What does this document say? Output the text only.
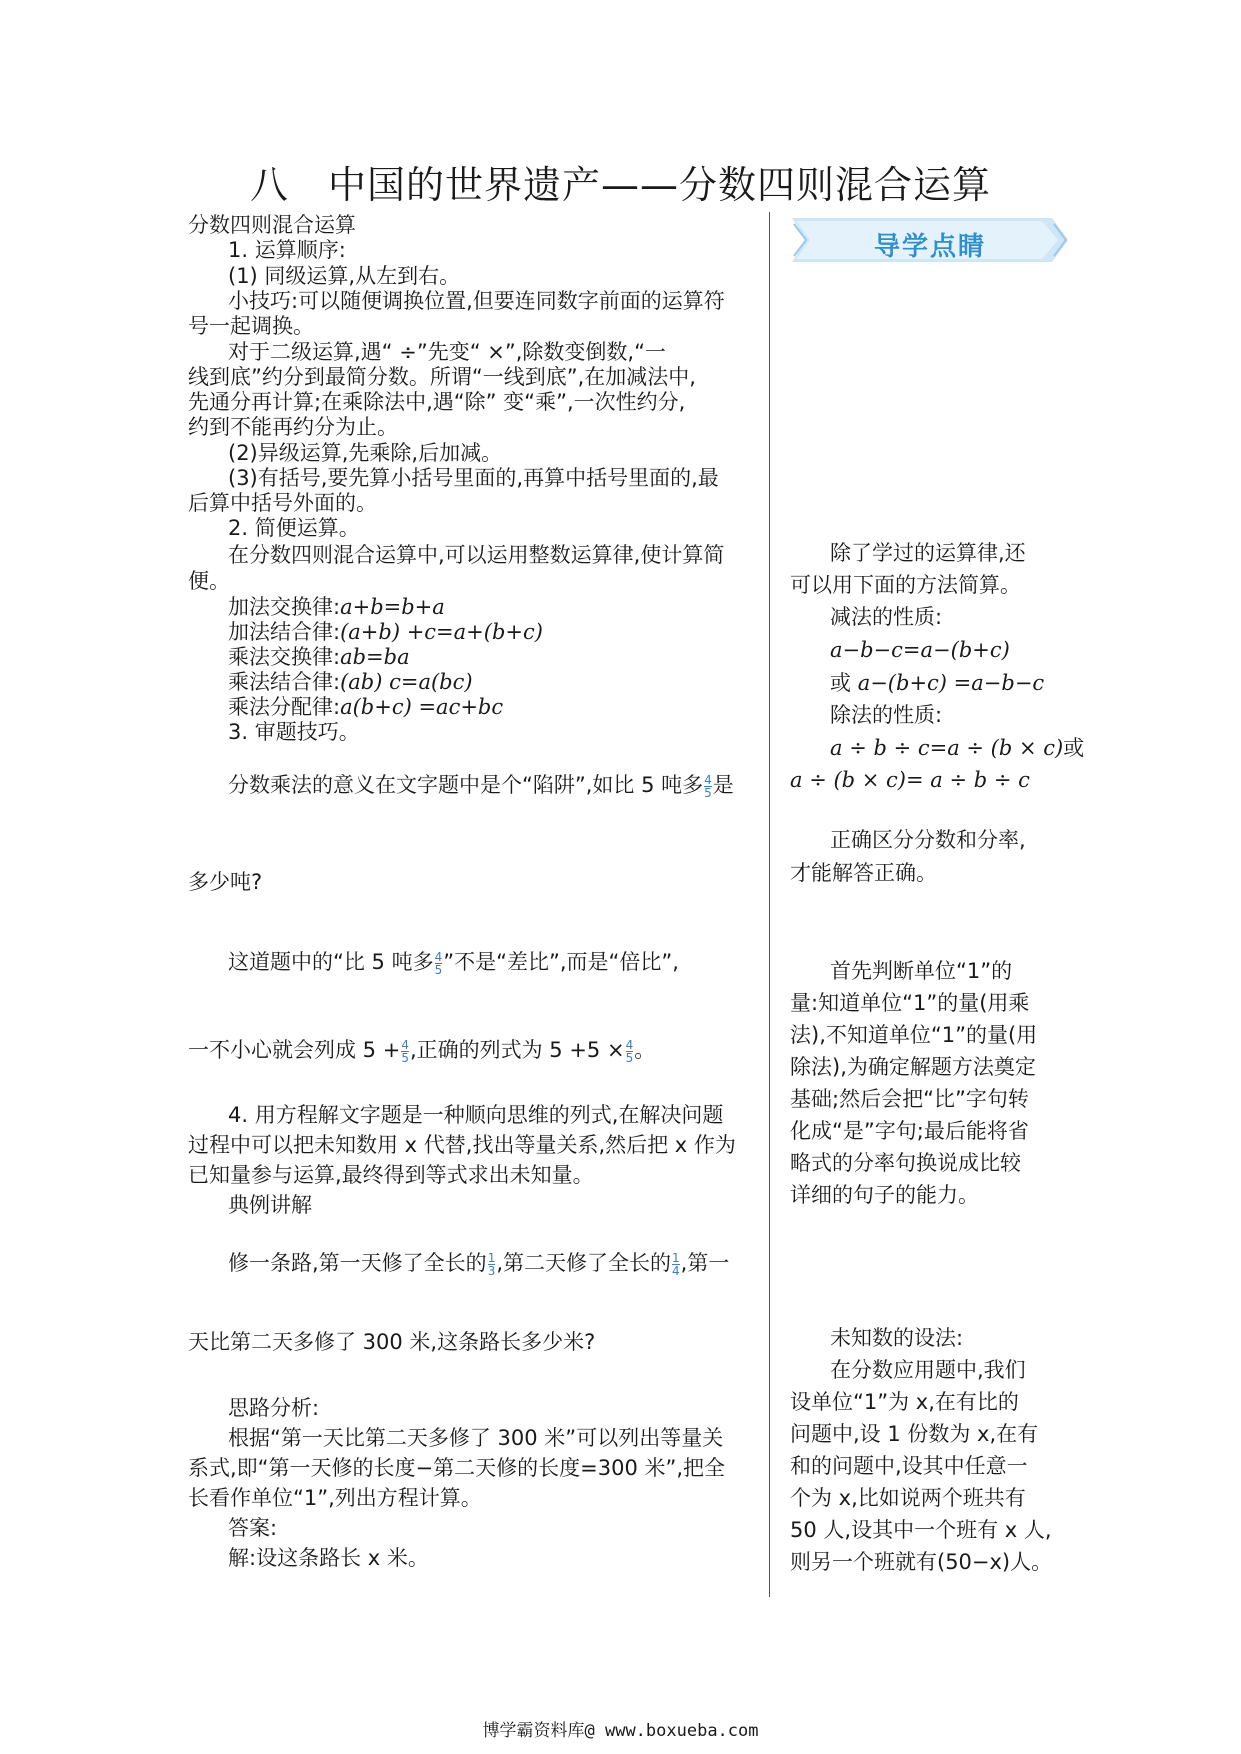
八　中国的世界遗产——分数四则混合运算
分数四则混合运算
1. 运算顺序:
(1) 同级运算,从左到右。
小技巧:可以随便调换位置,但要连同数字前面的运算符
号一起调换。
对于二级运算,遇“ ÷”先变“ ×”,除数变倒数,“一
线到底”约分到最简分数。所谓“一线到底”,在加减法中,
先通分再计算;在乘除法中,遇“除” 变“乘”,一次性约分,
约到不能再约分为止。
(2)异级运算,先乘除,后加减。
(3)有括号,要先算小括号里面的,再算中括号里面的,最
后算中括号外面的。
2. 简便运算。
在分数四则混合运算中,可以运用整数运算律,使计算简
便。
加法交换律:a+b=b+a
加法结合律:(a+b) +c=a+(b+c)
乘法交换律:ab=ba
乘法结合律:(ab) c=a(bc)
乘法分配律:a(b+c) =ac+bc
3. 审题技巧。
分数乘法的意义在文字题中是个“陷阱”,如比 5 吨多 $\frac{4}{5}$ 是
多少吨?
这道题中的“比 5 吨多 $\frac{4}{5}$ ”不是“差比”,而是“倍比”,
一不小心就会列成 $5 + \frac{4}{5}$ ,正确的列式为 $5 +5 \times \frac{4}{5}$ 。
4. 用方程解文字题是一种顺向思维的列式,在解决问题
过程中可以把未知数用 x 代替,找出等量关系,然后把 x 作为
已知量参与运算,最终得到等式求出未知量。
典例讲解
修一条路,第一天修了全长的 $\frac{1}{3}$ ,第二天修了全长的 $\frac{1}{4}$ ,第一
天比第二天多修了 300 米,这条路长多少米?
思路分析:
根据“第一天比第二天多修了 300 米”可以列出等量关
系式,即“第一天修的长度−第二天修的长度=300 米”,把全
长看作单位“1”,列出方程计算。
答案:
解:设这条路长 x 米。
导学点睛
除了学过的运算律,还
可以用下面的方法简算。
减法的性质:
a−b−c=a−(b+c)
或 a−(b+c) =a−b−c
除法的性质:
a ÷ b ÷ c=a ÷ (b × c)或
a ÷ (b × c)= a ÷ b ÷ c
正确区分分数和分率,
才能解答正确。
首先判断单位“1”的
量:知道单位“1”的量(用乘
法),不知道单位“1”的量(用
除法),为确定解题方法奠定
基础;然后会把“比”字句转
化成“是”字句;最后能将省
略式的分率句换说成比较
详细的句子的能力。
未知数的设法:
在分数应用题中,我们
设单位“1”为 x,在有比的
问题中,设 1 份数为 x,在有
和的问题中,设其中任意一
个为 x,比如说两个班共有
50 人,设其中一个班有 x 人,
则另一个班就有(50−x)人。
博学霸资料库@ www.boxueba.com
